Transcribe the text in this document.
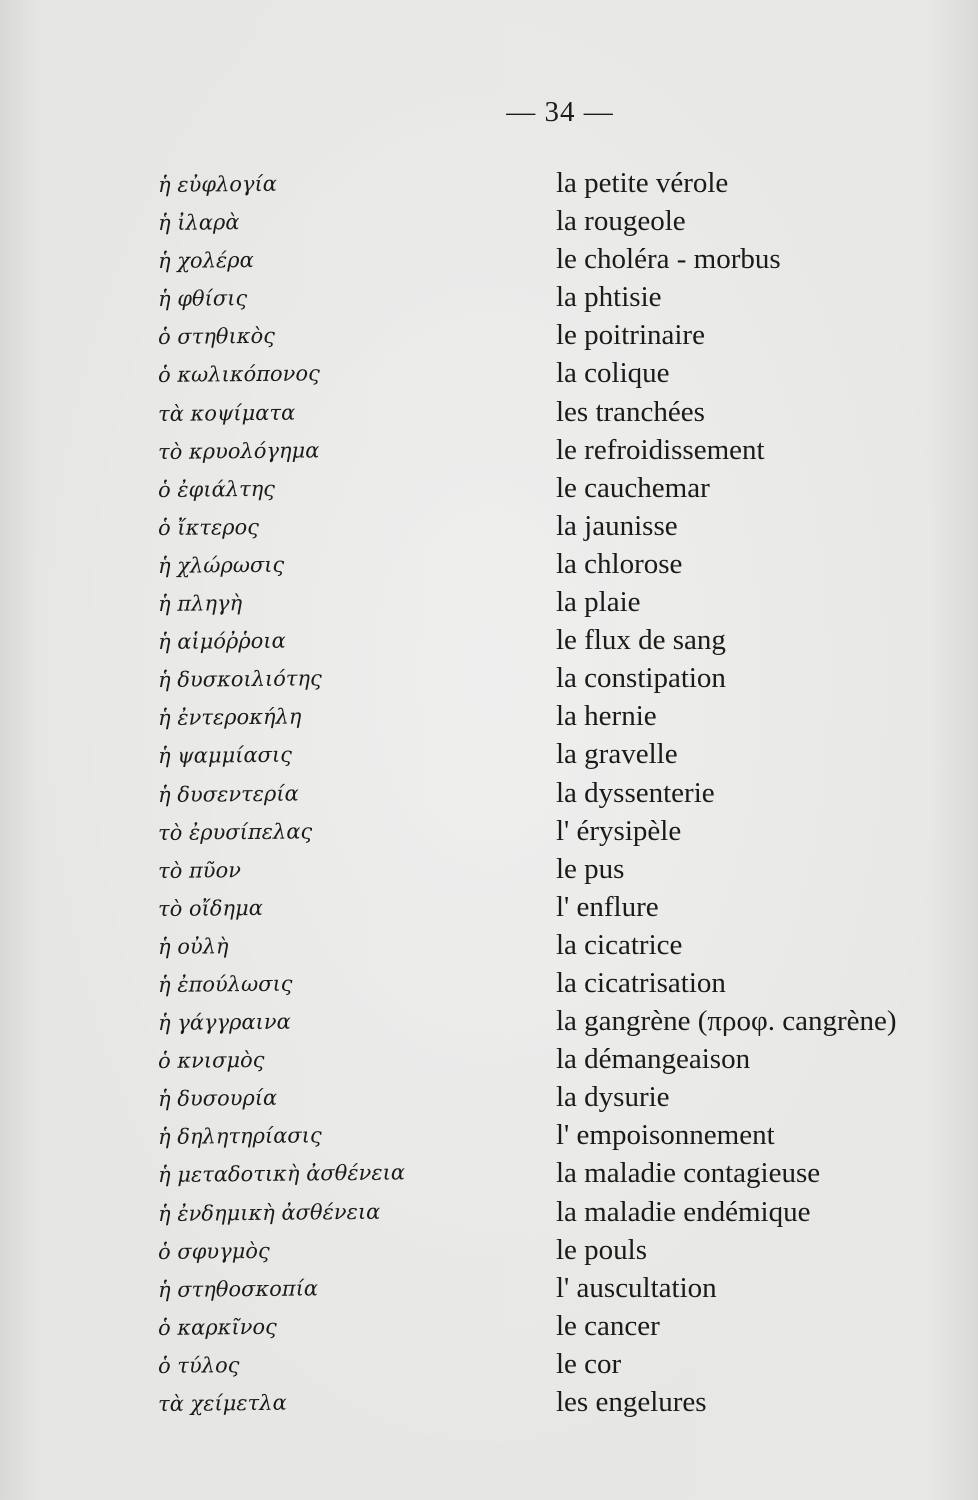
— 34 —
ἡ εὐφλογία
ἡ ἰλαρὰ
ἡ χολέρα
ἡ φθίσις
ὁ στηθικὸς
ὁ κωλικόπονος
τὰ κοψίματα
τὸ κρυολόγημα
ὁ ἐφιάλτης
ὁ ἴκτερος
ἡ χλώρωσις
ἡ πληγὴ
ἡ αἱμόῤῥοια
ἡ δυσκοιλιότης
ἡ ἐντεροκήλη
ἡ ψαμμίασις
ἡ δυσεντερία
τὸ ἐρυσίπελας
τὸ πῦον
τὸ οἴδημα
ἡ οὐλὴ
ἡ ἐπούλωσις
ἡ γάγγραινα
ὁ κνισμὸς
ἡ δυσουρία
ἡ δηλητηρίασις
ἡ μεταδοτικὴ ἀσθένεια
ἡ ἐνδημικὴ ἀσθένεια
ὁ σφυγμὸς
ἡ στηθοσκοπία
ὁ καρκῖνος
ὁ τύλος
τὰ χείμετλα
la petite vérole
la rougeole
le choléra - morbus
la phtisie
le poitrinaire
la colique
les tranchées
le refroidissement
le cauchemar
la jaunisse
la chlorose
la plaie
le flux de sang
la constipation
la hernie
la gravelle
la dyssenterie
l' érysipèle
le pus
l' enflure
la cicatrice
la cicatrisation
la gangrène (προφ. cangrène)
la démangeaison
la dysurie
l' empoisonnement
la maladie contagieuse
la maladie endémique
le pouls
l' auscultation
le cancer
le cor
les engelures
